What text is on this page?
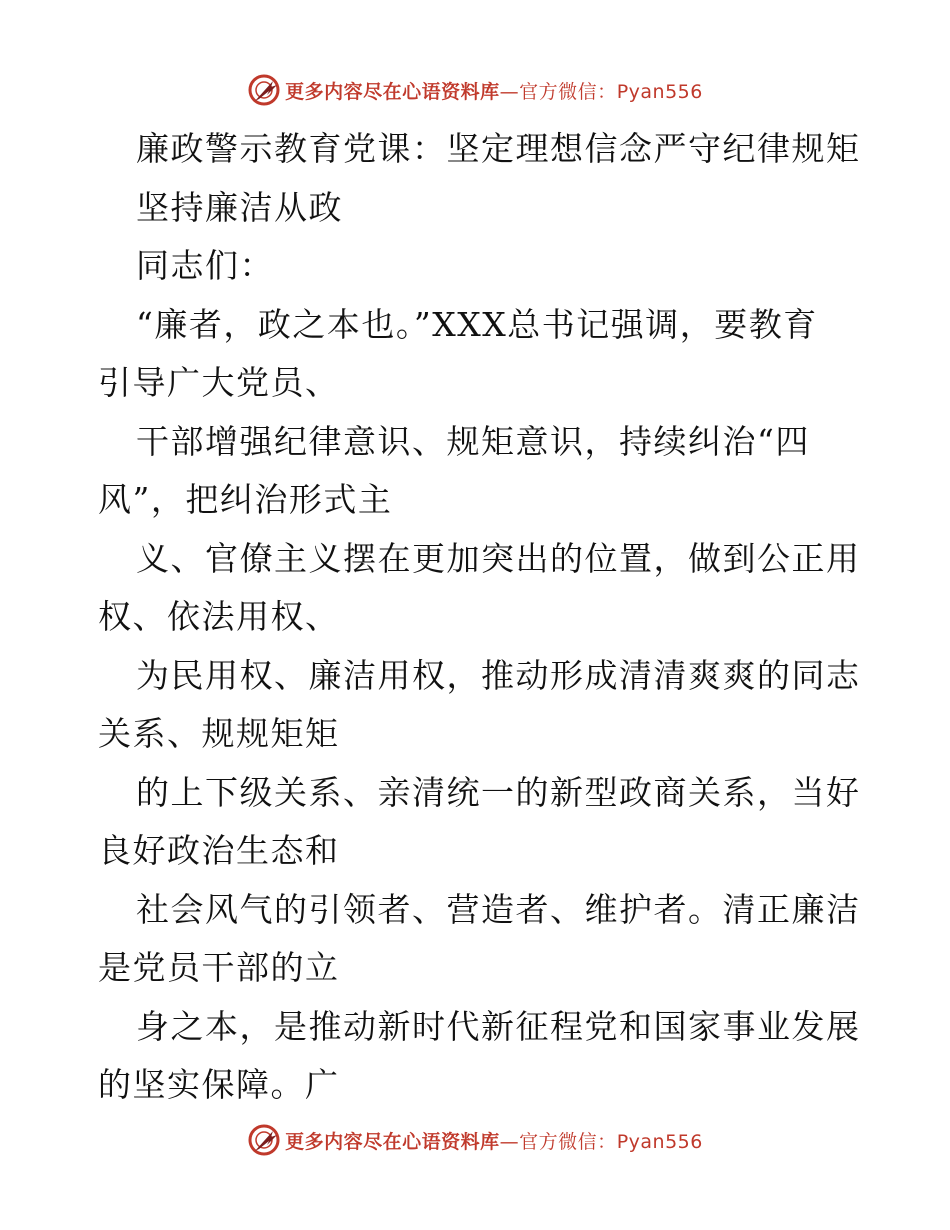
更多内容尽在心语资料库—官方微信：Pyan556
廉政警示教育党课：坚定理想信念严守纪律规矩
坚持廉洁从政
同志们：
“廉者，政之本也。”XXX总书记强调，要教育
引导广大党员、
干部增强纪律意识、规矩意识，持续纠治“四
风”，把纠治形式主
义、官僚主义摆在更加突出的位置，做到公正用
权、依法用权、
为民用权、廉洁用权，推动形成清清爽爽的同志
关系、规规矩矩
的上下级关系、亲清统一的新型政商关系，当好
良好政治生态和
社会风气的引领者、营造者、维护者。清正廉洁
是党员干部的立
身之本，是推动新时代新征程党和国家事业发展
的坚实保障。广
更多内容尽在心语资料库—官方微信：Pyan556
